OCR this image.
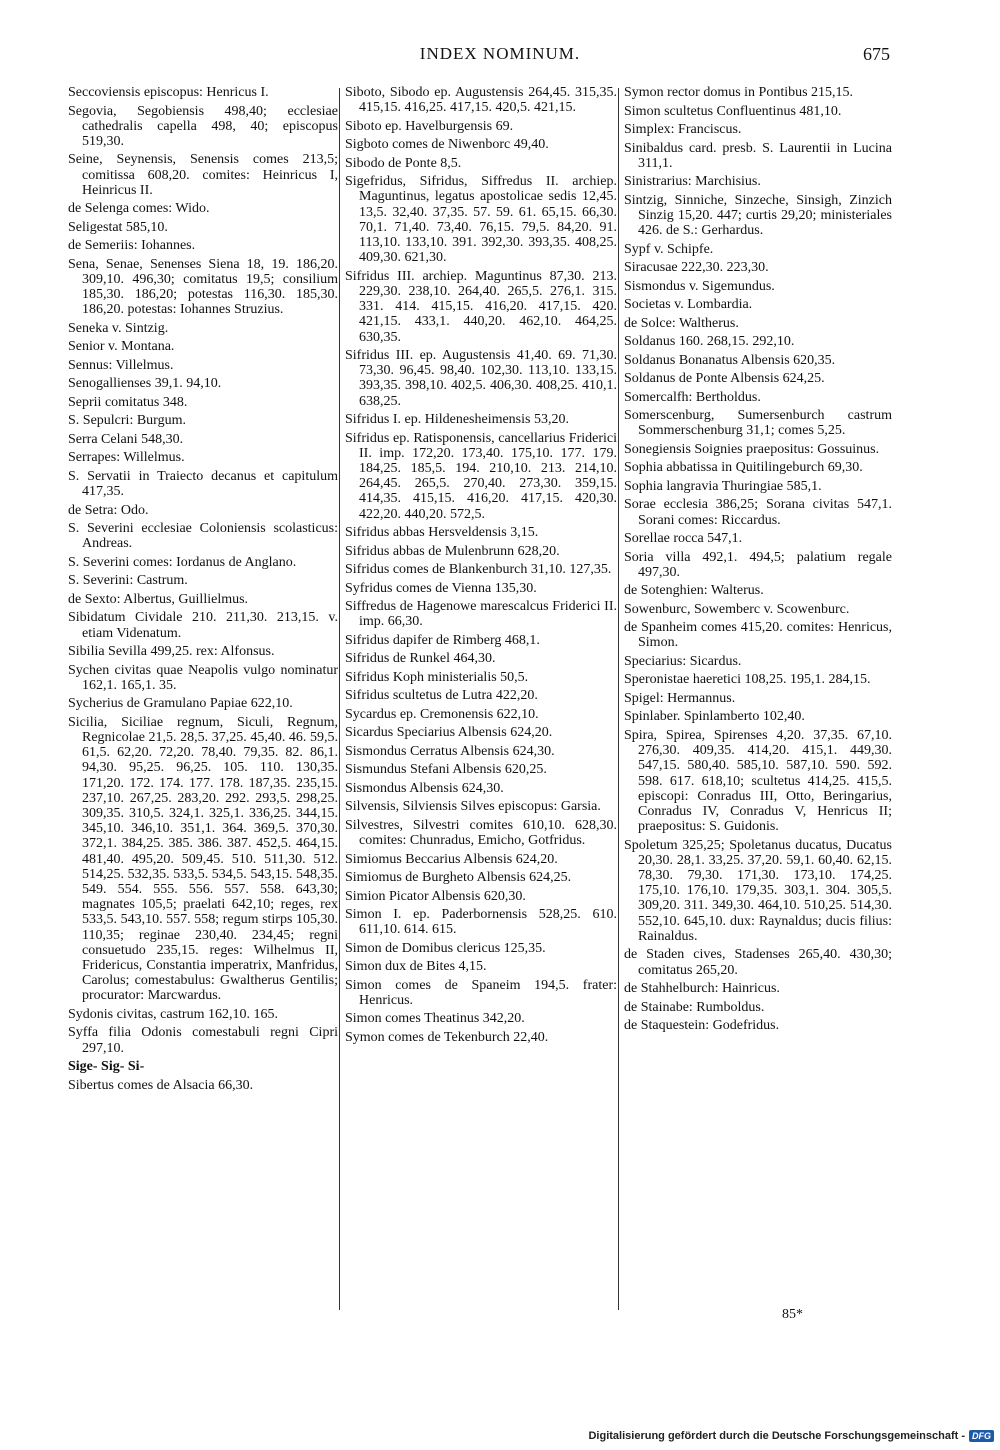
INDEX NOMINUM.	675
Seccoviensis episcopus: Henricus I.
Segovia, Segobiensis 498,40; ecclesiae cathedralis capella 498, 40; episcopus 519,30.
Seine, Seynensis, Senensis comes 213,5; comitissa 608,20. comites: Heinricus I, Heinricus II.
de Selenga comes: Wido.
Seligestat 585,10.
de Semeriis: Iohannes.
Sena, Senae, Senenses Siena 18, 19. 186,20. 309,10. 496,30; comitatus 19,5; consilium 185,30. 186,20; potestas 116,30. 185,30. 186,20. potestas: Iohannes Struzius.
Seneka v. Sintzig.
Senior v. Montana.
Sennus: Villelmus.
Senogallienses 39,1. 94,10.
Seprii comitatus 348.
S. Sepulcri: Burgum.
Serra Celani 548,30.
Serrapes: Willelmus.
S. Servatii in Traiecto decanus et capitulum 417,35.
de Setra: Odo.
S. Severini ecclesiae Coloniensis scolasticus: Andreas.
S. Severini comes: Iordanus de Anglano.
S. Severini: Castrum.
de Sexto: Albertus, Guillielmus.
Sibidatum Cividale 210. 211,30. 213,15. v. etiam Videnatum.
Sibilia Sevilla 499,25. rex: Alfonsus.
Sychen civitas quae Neapolis vulgo nominatur 162,1. 165,1. 35.
Sycherius de Gramulano Papiae 622,10.
Sicilia, Siciliae regnum, Siculi, Regnum, Regnicolae 21,5. 28,5. 37,25. 45,40. 46. 59,5. 61,5. 62,20. 72,20. 78,40. 79,35. 82. 86,1. 94,30. 95,25. 96,25. 105. 110. 130,35. 171,20. 172. 174. 177. 178. 187,35. 235,15. 237,10. 267,25. 283,20. 292. 293,5. 298,25. 309,35. 310,5. 324,1. 325,1. 336,25. 344,15. 345,10. 346,10. 351,1. 364. 369,5. 370,30. 372,1. 384,25. 385. 386. 387. 452,5. 464,15. 481,40. 495,20. 509,45. 510. 511,30. 512. 514,25. 532,35. 533,5. 534,5. 543,15. 548,35. 549. 554. 555. 556. 557. 558. 643,30; magnates 105,5; praelati 642,10; reges, rex 533,5. 543,10. 557. 558; regum stirps 105,30. 110,35; reginae 230,40. 234,45; regni consuetudo 235,15. reges: Wilhelmus II, Fridericus, Constantia imperatrix, Manfridus, Carolus; comestabulus: Gwaltherus Gentilis; procurator: Marcwardus.
Sydonis civitas, castrum 162,10. 165.
Syffa filia Odonis comestabuli regni Cipri 297,10.
Sige- Sig- Si-
Sibertus comes de Alsacia 66,30.
Siboto, Sibodo ep. Augustensis 264,45. 315,35. 415,15. 416,25. 417,15. 420,5. 421,15.
Siboto ep. Havelburgensis 69.
Sigboto comes de Niwenborc 49,40.
Sibodo de Ponte 8,5.
Sigefridus, Sifridus, Siffredus II. archiep. Maguntinus, legatus apostolicae sedis 12,45. 13,5. 32,40. 37,35. 57. 59. 61. 65,15. 66,30. 70,1. 71,40. 73,40. 76,15. 79,5. 84,20. 91. 113,10. 133,10. 391. 392,30. 393,35. 408,25. 409,30. 621,30.
Sifridus III. archiep. Maguntinus 87,30. 213. 229,30. 238,10. 264,40. 265,5. 276,1. 315. 331. 414. 415,15. 416,20. 417,15. 420. 421,15. 433,1. 440,20. 462,10. 464,25. 630,35.
Sifridus III. ep. Augustensis 41,40. 69. 71,30. 73,30. 96,45. 98,40. 102,30. 113,10. 133,15. 393,35. 398,10. 402,5. 406,30. 408,25. 410,1. 638,25.
Sifridus I. ep. Hildenesheimensis 53,20.
Sifridus ep. Ratisponensis, cancellarius Friderici II. imp. 172,20. 173,40. 175,10. 177. 179. 184,25. 185,5. 194. 210,10. 213. 214,10. 264,45. 265,5. 270,40. 273,30. 359,15. 414,35. 415,15. 416,20. 417,15. 420,30. 422,20. 440,20. 572,5.
Sifridus abbas Hersveldensis 3,15.
Sifridus abbas de Mulenbrunn 628,20.
Sifridus comes de Blankenburch 31,10. 127,35.
Syfridus comes de Vienna 135,30.
Siffredus de Hagenowe marescalcus Friderici II. imp. 66,30.
Sifridus dapifer de Rimberg 468,1.
Sifridus de Runkel 464,30.
Sifridus Koph ministerialis 50,5.
Sifridus scultetus de Lutra 422,20.
Sycardus ep. Cremonensis 622,10.
Sicardus Speciarius Albensis 624,20.
Sismondus Cerratus Albensis 624,30.
Sismundus Stefani Albensis 620,25.
Sismondus Albensis 624,30.
Silvensis, Silviensis Silves episcopus: Garsia.
Silvestres, Silvestri comites 610,10. 628,30. comites: Chunradus, Emicho, Gotfridus.
Simiomus Beccarius Albensis 624,20.
Simiomus de Burgheto Albensis 624,25.
Simion Picator Albensis 620,30.
Simon I. ep. Paderbornensis 528,25. 610. 611,10. 614. 615.
Simon de Domibus clericus 125,35.
Simon dux de Bites 4,15.
Simon comes de Spaneim 194,5. frater: Henricus.
Simon comes Theatinus 342,20.
Symon comes de Tekenburch 22,40.
Symon rector domus in Pontibus 215,15.
Simon scultetus Confluentinus 481,10.
Simplex: Franciscus.
Sinibaldus card. presb. S. Laurentii in Lucina 311,1.
Sinistrarius: Marchisius.
Sintzig, Sinniche, Sinzeche, Sinsigh, Zinzich Sinzig 15,20. 447; curtis 29,20; ministeriales 426. de S.: Gerhardus.
Sypf v. Schipfe.
Siracusae 222,30. 223,30.
Sismondus v. Sigemundus.
Societas v. Lombardia.
de Solce: Waltherus.
Soldanus 160. 268,15. 292,10.
Soldanus Bonanatus Albensis 620,35.
Soldanus de Ponte Albensis 624,25.
Somercalfh: Bertholdus.
Somerscenburg, Sumersenburch castrum Sommerschenburg 31,1; comes 5,25.
Sonegiensis Soignies praepositus: Gossuinus.
Sophia abbatissa in Quitilingeburch 69,30.
Sophia langravia Thuringiae 585,1.
Sorae ecclesia 386,25; Sorana civitas 547,1. Sorani comes: Riccardus.
Sorellae rocca 547,1.
Soria villa 492,1. 494,5; palatium regale 497,30.
de Sotenghien: Walterus.
Sowenburc, Sowemberc v. Scowenburc.
de Spanheim comes 415,20. comites: Henricus, Simon.
Speciarius: Sicardus.
Speronistae haeretici 108,25. 195,1. 284,15.
Spigel: Hermannus.
Spinlaber. Spinlamberto 102,40.
Spira, Spirea, Spirenses 4,20. 37,35. 67,10. 276,30. 409,35. 414,20. 415,1. 449,30. 547,15. 580,40. 585,10. 587,10. 590. 592. 598. 617. 618,10; scultetus 414,25. 415,5. episcopi: Conradus III, Otto, Beringarius, Conradus IV, Conradus V, Henricus II; praepositus: S. Guidonis.
Spoletum 325,25; Spoletanus ducatus, Ducatus 20,30. 28,1. 33,25. 37,20. 59,1. 60,40. 62,15. 78,30. 79,30. 171,30. 173,10. 174,25. 175,10. 176,10. 179,35. 303,1. 304. 305,5. 309,20. 311. 349,30. 464,10. 510,25. 514,30. 552,10. 645,10. dux: Raynaldus; ducis filius: Rainaldus.
de Staden cives, Stadenses 265,40. 430,30; comitatus 265,20.
de Stahhelburch: Hainricus.
de Stainabe: Rumboldus.
de Staquestein: Godefridus.
85*
Digitalisierung gefördert durch die Deutsche Forschungsgemeinschaft - DFG
